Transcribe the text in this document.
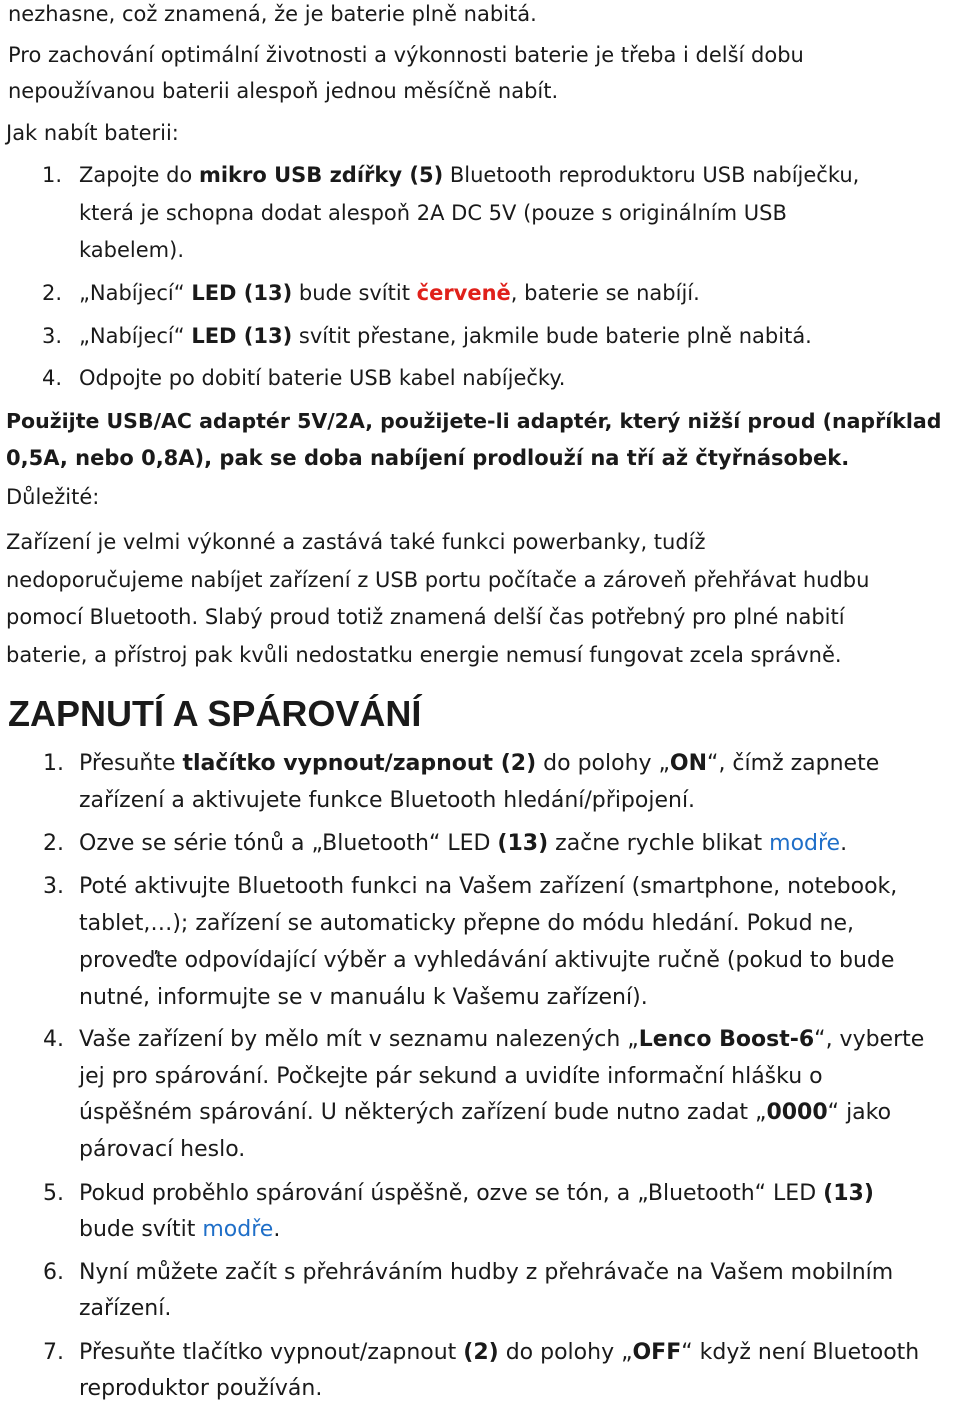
nezhasne, což znamená, že je baterie plně nabitá.
Pro zachování optimální životnosti a výkonnosti baterie je třeba i delší dobu
nepoužívanou baterii alespoň jednou měsíčně nabít.
Jak nabít baterii:
1. Zapojte do mikro USB zdířky (5) Bluetooth reproduktoru USB nabíječku,
která je schopna dodat alespoň 2A DC 5V (pouze s originálním USB
kabelem).
2. „Nabíjecí“ LED (13) bude svítit červeně, baterie se nabíjí.
3. „Nabíjecí“ LED (13) svítit přestane, jakmile bude baterie plně nabitá.
4. Odpojte po dobití baterie USB kabel nabíječky.
Použijte USB/AC adaptér 5V/2A, použijete-li adaptér, který nižší proud (například
0,5A, nebo 0,8A), pak se doba nabíjení prodlouží na tří až čtyřnásobek.
Důležité:
Zařízení je velmi výkonné a zastává také funkci powerbanky, tudíž
nedoporučujeme nabíjet zařízení z USB portu počítače a zároveň přehřávat hudbu
pomocí Bluetooth. Slabý proud totiž znamená delší čas potřebný pro plné nabití
baterie, a přístroj pak kvůli nedostatku energie nemusí fungovat zcela správně.
ZAPNUTÍ A SPÁROVÁNÍ
1. Přesuňte tlačítko vypnout/zapnout (2) do polohy „ON“, čímž zapnete
zařízení a aktivujete funkce Bluetooth hledání/připojení.
2. Ozve se série tónů a „Bluetooth“ LED (13) začne rychle blikat modře.
3. Poté aktivujte Bluetooth funkci na Vašem zařízení (smartphone, notebook,
tablet,…); zařízení se automaticky přepne do módu hledání. Pokud ne,
proveďte odpovídající výběr a vyhledávání aktivujte ručně (pokud to bude
nutné, informujte se v manuálu k Vašemu zařízení).
4. Vaše zařízení by mělo mít v seznamu nalezených „Lenco Boost-6“, vyberte
jej pro spárování. Počkejte pár sekund a uvidíte informační hlášku o
úspěšném spárování. U některých zařízení bude nutno zadat „0000“ jako
párovací heslo.
5. Pokud proběhlo spárování úspěšně, ozve se tón, a „Bluetooth“ LED (13)
bude svítit modře.
6. Nyní můžete začít s přehráváním hudby z přehrávače na Vašem mobilním
zařízení.
7. Přesuňte tlačítko vypnout/zapnout (2) do polohy „OFF“ když není Bluetooth
reproduktor používán.
